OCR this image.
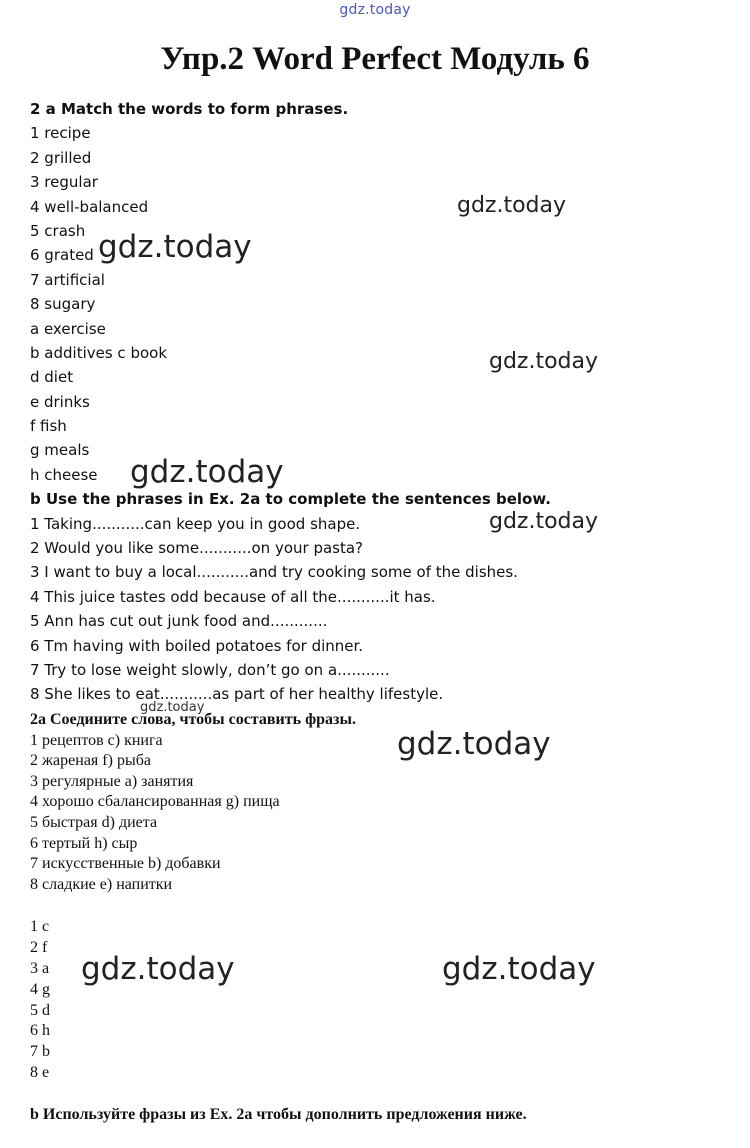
gdz.today
Упр.2 Word Perfect Модуль 6
2 a Match the words to form phrases.
1 recipe
2 grilled
3 regular
4 well-balanced
5 crash
6 grated
7 artificial
8 sugary
a exercise
b additives c book
d diet
e drinks
f fish
g meals
h cheese
b Use the phrases in Ex. 2a to complete the sentences below.
1 Taking...........can keep you in good shape.
2 Would you like some...........on your pasta?
3 I want to buy a local...........and try cooking some of the dishes.
4 This juice tastes odd because of all the...........it has.
5 Ann has cut out junk food and............
6 Tm having with boiled potatoes for dinner.
7 Try to lose weight slowly, don’t go on a...........
8 She likes to eat...........as part of her healthy lifestyle.
2a Соедините слова, чтобы составить фразы.
1 рецептов c) книга
2 жареная f) рыба
3 регулярные a) занятия
4 хорошо сбалансированная g) пища
5 быстрая d) диета
6 тертый h) сыр
7 искусственные b) добавки
8 сладкие e) напитки
1 c
2 f
3 a
4 g
5 d
6 h
7 b
8 e
b Используйте фразы из Ex. 2a чтобы дополнить предложения ниже.
gdz.today
gdz.today
gdz.today
gdz.today
gdz.today
gdz.today
gdz.today
gdz.today	gdz.today
